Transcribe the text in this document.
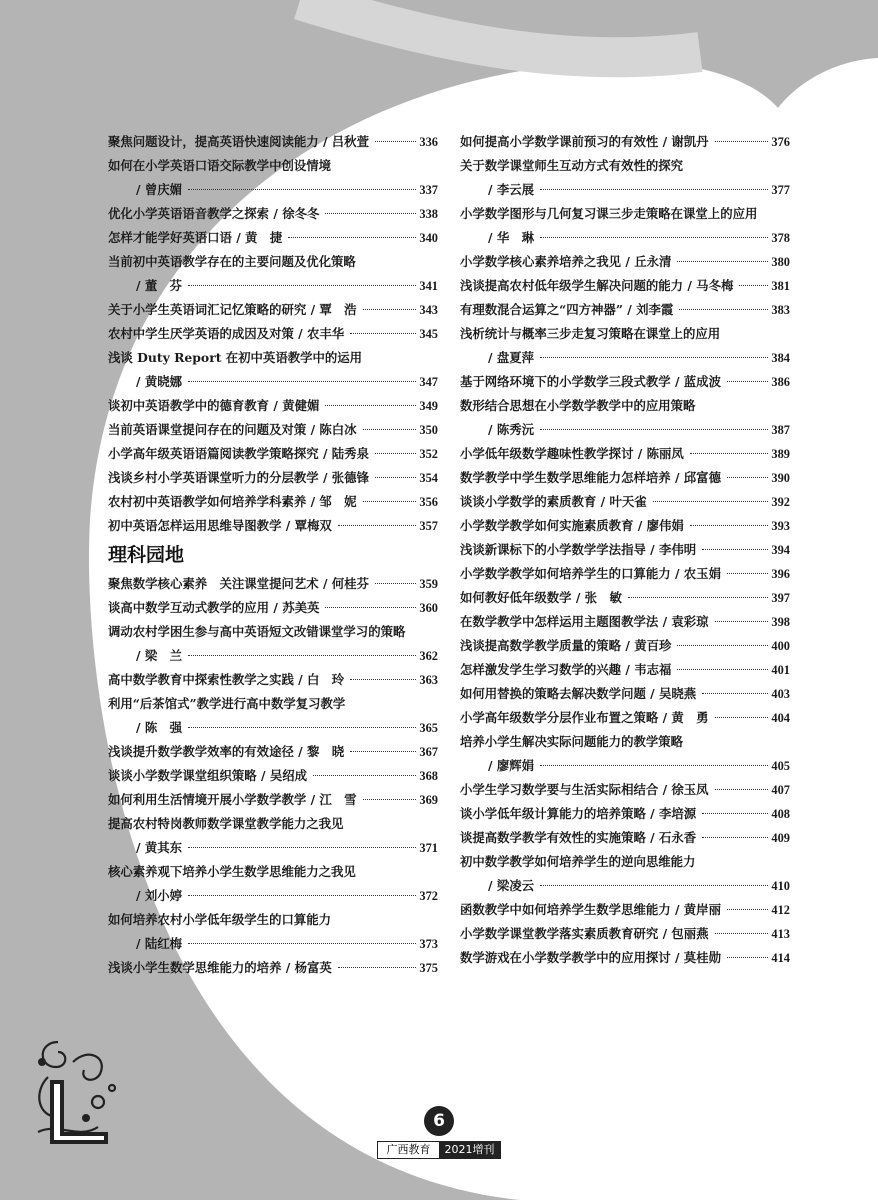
聚焦问题设计，提高英语快速阅读能力 / 吕秋萱	336
如何在小学英语口语交际教学中创设情境
/ 曾庆媚	337
优化小学英语语音教学之探索 / 徐冬冬	338
怎样才能学好英语口语 / 黄　捷	340
当前初中英语教学存在的主要问题及优化策略
/ 董　芬	341
关于小学生英语词汇记忆策略的研究 / 覃　浩	343
农村中学生厌学英语的成因及对策 / 农丰华	345
浅谈 Duty Report 在初中英语教学中的运用
/ 黄晓娜	347
谈初中英语教学中的德育教育 / 黄健媚	349
当前英语课堂提问存在的问题及对策 / 陈白冰	350
小学高年级英语语篇阅读教学策略探究 / 陆秀泉	352
浅谈乡村小学英语课堂听力的分层教学 / 张德锋	354
农村初中英语教学如何培养学科素养 / 邹　妮	356
初中英语怎样运用思维导图教学 / 覃梅双	357
理科园地
聚焦数学核心素养　关注课堂提问艺术 / 何桂芬	359
谈高中数学互动式教学的应用 / 苏美英	360
调动农村学困生参与高中英语短文改错课堂学习的策略
/ 梁　兰	362
高中数学教育中探索性教学之实践 / 白　玲	363
利用“后茶馆式”教学进行高中数学复习教学
/ 陈　强	365
浅谈提升数学教学效率的有效途径 / 黎　晓	367
谈谈小学数学课堂组织策略 / 吴绍成	368
如何利用生活情境开展小学数学教学 / 江　雪	369
提高农村特岗教师数学课堂教学能力之我见
/ 黄其东	371
核心素养观下培养小学生数学思维能力之我见
/ 刘小婷	372
如何培养农村小学低年级学生的口算能力
/ 陆红梅	373
浅谈小学生数学思维能力的培养 / 杨富英	375
如何提高小学数学课前预习的有效性 / 谢凯丹	376
关于数学课堂师生互动方式有效性的探究
/ 李云展	377
小学数学图形与几何复习课三步走策略在课堂上的应用
/ 华　琳	378
小学数学核心素养培养之我见 / 丘永清	380
浅谈提高农村低年级学生解决问题的能力 / 马冬梅	381
有理数混合运算之“四方神器” / 刘李霞	383
浅析统计与概率三步走复习策略在课堂上的应用
/ 盘夏萍	384
基于网络环境下的小学数学三段式教学 / 蓝成波	386
数形结合思想在小学数学教学中的应用策略
/ 陈秀沅	387
小学低年级数学趣味性教学探讨 / 陈丽凤	389
数学教学中学生数学思维能力怎样培养 / 邱富德	390
谈谈小学数学的素质教育 / 叶天雀	392
小学数学教学如何实施素质教育 / 廖伟娟	393
浅谈新课标下的小学数学学法指导 / 李伟明	394
小学数学教学如何培养学生的口算能力 / 农玉娟	396
如何教好低年级数学 / 张　敏	397
在数学教学中怎样运用主题图教学法 / 袁彩琼	398
浅谈提高数学教学质量的策略 / 黄百珍	400
怎样激发学生学习数学的兴趣 / 韦志福	401
如何用替换的策略去解决数学问题 / 吴晓燕	403
小学高年级数学分层作业布置之策略 / 黄　勇	404
培养小学生解决实际问题能力的教学策略
/ 廖辉娟	405
小学生学习数学要与生活实际相结合 / 徐玉凤	407
谈小学低年级计算能力的培养策略 / 李培源	408
谈提高数学教学有效性的实施策略 / 石永香	409
初中数学教学如何培养学生的逆向思维能力
/ 梁凌云	410
函数教学中如何培养学生数学思维能力 / 黄岸丽	412
小学数学课堂教学落实素质教育研究 / 包丽燕	413
数学游戏在小学数学教学中的应用探讨 / 莫桂勋	414
6
广西教育	2021增刊
